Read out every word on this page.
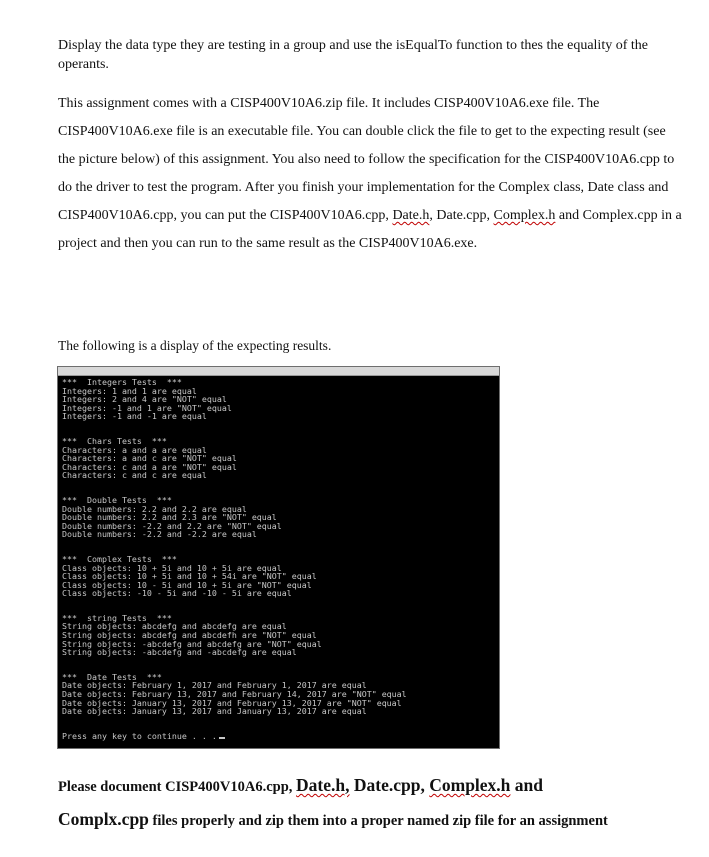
Display the data type they are testing in a group and use the isEqualTo function to thes the equality of the operants.

This assignment comes with a CISP400V10A6.zip file. It includes CISP400V10A6.exe file. The CISP400V10A6.exe file is an executable file. You can double click the file to get to the expecting result (see the picture below) of this assignment. You also need to follow the specification for the CISP400V10A6.cpp to do the driver to test the program. After you finish your implementation for the Complex class, Date class and CISP400V10A6.cpp, you can put the CISP400V10A6.cpp, Date.h, Date.cpp, Complex.h and Complex.cpp in a project and then you can run to the same result as the CISP400V10A6.exe.

The following is a display of the expecting results.

***  Integers Tests  ***
Integers: 1 and 1 are equal
Integers: 2 and 4 are "NOT" equal
Integers: -1 and 1 are "NOT" equal
Integers: -1 and -1 are equal
***  Chars Tests  ***
Characters: a and a are equal
Characters: a and c are "NOT" equal
Characters: c and a are "NOT" equal
Characters: c and c are equal
***  Double Tests  ***
Double numbers: 2.2 and 2.2 are equal
Double numbers: 2.2 and 2.3 are "NOT" equal
Double numbers: -2.2 and 2.2 are "NOT" equal
Double numbers: -2.2 and -2.2 are equal
***  Complex Tests  ***
Class objects: 10 + 5i and 10 + 5i are equal
Class objects: 10 + 5i and 10 + 54i are "NOT" equal
Class objects: 10 - 5i and 10 + 5i are "NOT" equal
Class objects: -10 - 5i and -10 - 5i are equal
***  string Tests  ***
String objects: abcdefg and abcdefg are equal
String objects: abcdefg and abcdefh are "NOT" equal
String objects: -abcdefg and abcdefg are "NOT" equal
String objects: -abcdefg and -abcdefg are equal
***  Date Tests  ***
Date objects: February 1, 2017 and February 1, 2017 are equal
Date objects: February 13, 2017 and February 14, 2017 are "NOT" equal
Date objects: January 13, 2017 and February 13, 2017 are "NOT" equal
Date objects: January 13, 2017 and January 13, 2017 are equal
Press any key to continue . . .

Please document CISP400V10A6.cpp, Date.h, Date.cpp, Complex.h and
Complx.cpp files properly and zip them into a proper named zip file for an assignment
